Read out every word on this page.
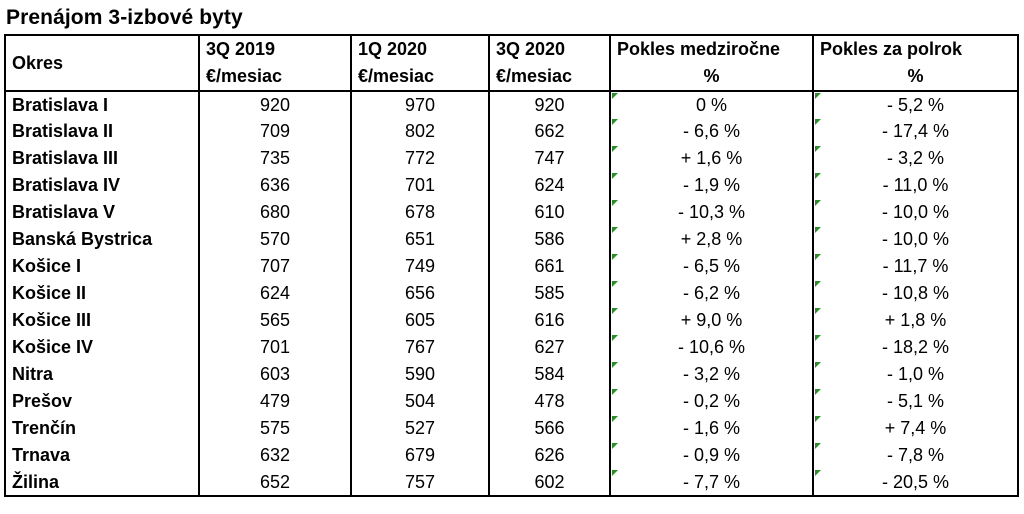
Prenájom 3-izbové byty
Okres	3Q 2019	1Q 2020	3Q 2020	Pokles medziročne	Pokles za polrok
	€/mesiac	€/mesiac	€/mesiac	%	%
Bratislava I	920	970	920	0 %	- 5,2 %
Bratislava II	709	802	662	- 6,6 %	- 17,4 %
Bratislava III	735	772	747	+ 1,6 %	- 3,2 %
Bratislava IV	636	701	624	- 1,9 %	- 11,0 %
Bratislava V	680	678	610	- 10,3 %	- 10,0 %
Banská Bystrica	570	651	586	+ 2,8 %	- 10,0 %
Košice I	707	749	661	- 6,5 %	- 11,7 %
Košice II	624	656	585	- 6,2 %	- 10,8 %
Košice III	565	605	616	+ 9,0 %	+ 1,8 %
Košice IV	701	767	627	- 10,6 %	- 18,2 %
Nitra	603	590	584	- 3,2 %	- 1,0 %
Prešov	479	504	478	- 0,2 %	- 5,1 %
Trenčín	575	527	566	- 1,6 %	+ 7,4 %
Trnava	632	679	626	- 0,9 %	- 7,8 %
Žilina	652	757	602	- 7,7 %	- 20,5 %
